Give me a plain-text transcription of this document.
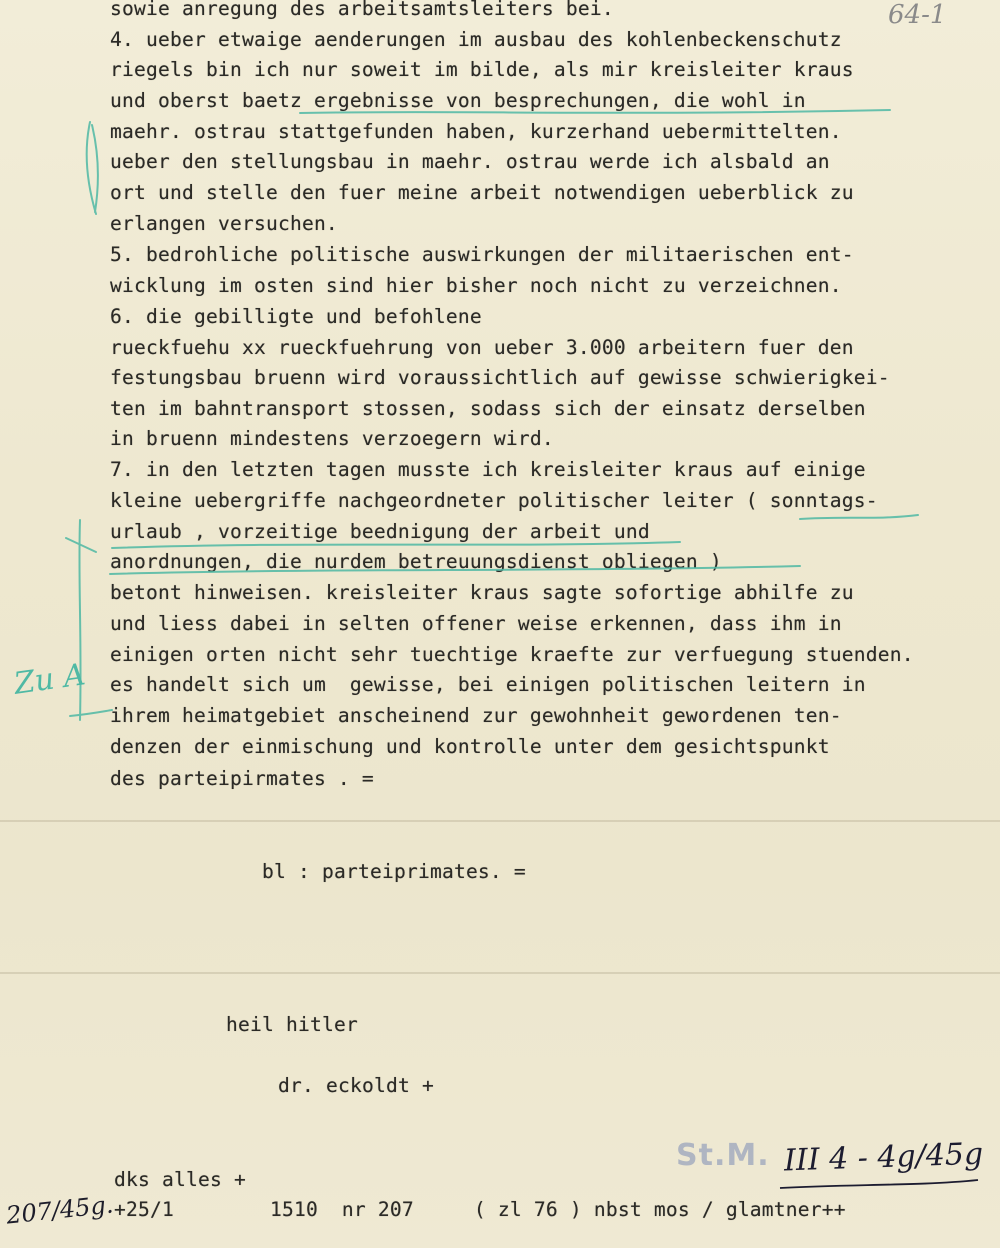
sowie anregung des arbeitsamtsleiters bei.
4. ueber etwaige aenderungen im ausbau des kohlenbeckenschutz
riegels bin ich nur soweit im bilde, als mir kreisleiter kraus
und oberst baetz ergebnisse von besprechungen, die wohl in
maehr. ostrau stattgefunden haben, kurzerhand uebermittelten.
ueber den stellungsbau in maehr. ostrau werde ich alsbald an
ort und stelle den fuer meine arbeit notwendigen ueberblick zu
erlangen versuchen.
5. bedrohliche politische auswirkungen der militaerischen ent-
wicklung im osten sind hier bisher noch nicht zu verzeichnen.
6. die gebilligte und befohlene
rueckfuehu xx rueckfuehrung von ueber 3.000 arbeitern fuer den
festungsbau bruenn wird voraussichtlich auf gewisse schwierigkei-
ten im bahntransport stossen, sodass sich der einsatz derselben
in bruenn mindestens verzoegern wird.
7. in den letzten tagen musste ich kreisleiter kraus auf einige
kleine uebergriffe nachgeordneter politischer leiter ( sonntags-
urlaub , vorzeitige beednigung der arbeit und
anordnungen, die nurdem betreuungsdienst obliegen )
betont hinweisen. kreisleiter kraus sagte sofortige abhilfe zu
und liess dabei in selten offener weise erkennen, dass ihm in
einigen orten nicht sehr tuechtige kraefte zur verfuegung stuenden.
es handelt sich um  gewisse, bei einigen politischen leitern in
ihrem heimatgebiet anscheinend zur gewohnheit gewordenen ten-
denzen der einmischung und kontrolle unter dem gesichtspunkt
des parteipirmates . =
bl : parteiprimates. =
heil hitler
dr. eckoldt +
dks alles +
+25/1        1510  nr 207     ( zl 76 ) nbst mos / glamtner++
64-1
207/45g.
Zu A
St.M. III 4 - 4g/45g
